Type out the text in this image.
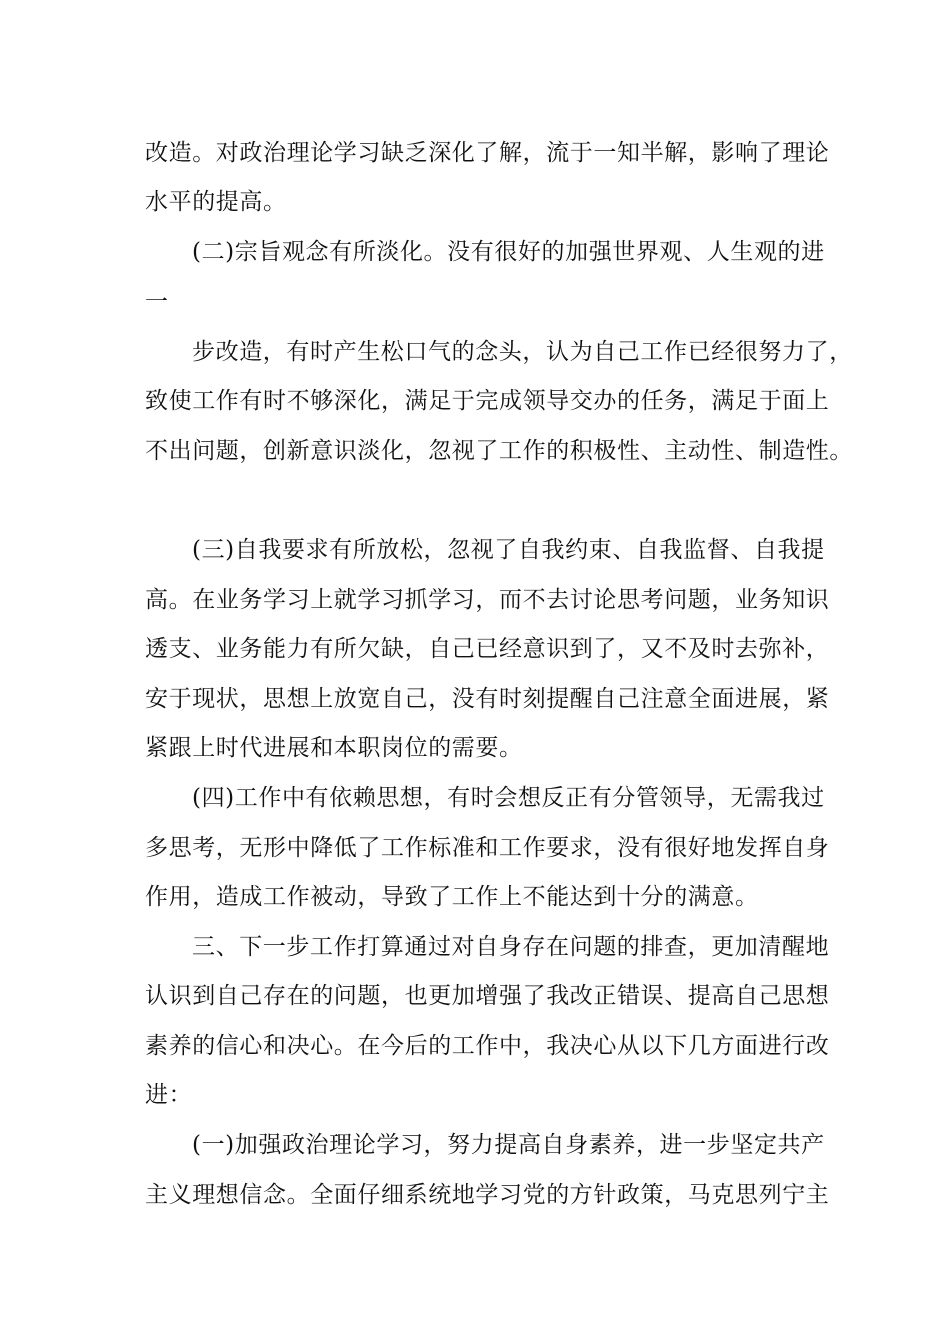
改造。对政治理论学习缺乏深化了解，流于一知半解，影响了理论
水平的提高。
(二)宗旨观念有所淡化。没有很好的加强世界观、人生观的进
一
步改造，有时产生松口气的念头，认为自己工作已经很努力了，
致使工作有时不够深化，满足于完成领导交办的任务，满足于面上
不出问题，创新意识淡化，忽视了工作的积极性、主动性、制造性。
(三)自我要求有所放松，忽视了自我约束、自我监督、自我提
高。在业务学习上就学习抓学习，而不去讨论思考问题，业务知识
透支、业务能力有所欠缺，自己已经意识到了，又不及时去弥补，
安于现状，思想上放宽自己，没有时刻提醒自己注意全面进展，紧
紧跟上时代进展和本职岗位的需要。
(四)工作中有依赖思想，有时会想反正有分管领导，无需我过
多思考，无形中降低了工作标准和工作要求，没有很好地发挥自身
作用，造成工作被动，导致了工作上不能达到十分的满意。
三、下一步工作打算通过对自身存在问题的排查，更加清醒地
认识到自己存在的问题，也更加增强了我改正错误、提高自己思想
素养的信心和决心。在今后的工作中，我决心从以下几方面进行改
进：
(一)加强政治理论学习，努力提高自身素养，进一步坚定共产
主义理想信念。全面仔细系统地学习党的方针政策，马克思列宁主
